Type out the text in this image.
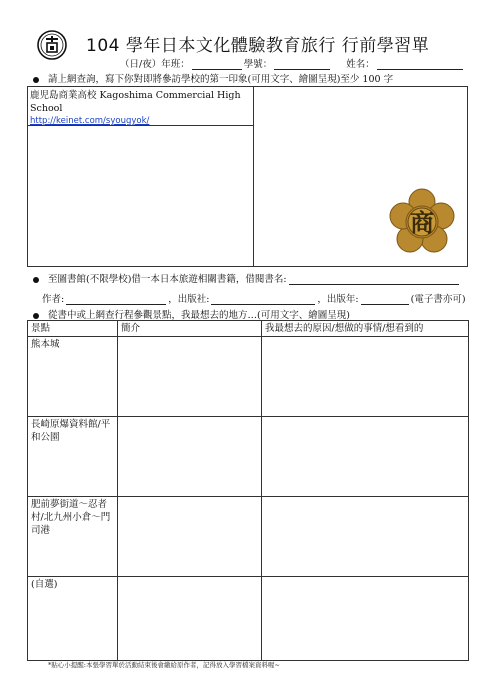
104 學年日本文化體驗教育旅行 行前學習單
（日/夜）年班：	學號：	姓名：
請上網查詢，寫下你對即將參訪學校的第一印象(可用文字、繪圖呈現)至少 100 字
鹿児島商業高校 Kagoshima Commercial High School
http://keinet.com/syougyok/
商
至圖書館(不限學校)借一本日本旅遊相關書籍，借閱書名:
作者:	，出版社:	，出版年:	(電子書亦可)
從書中或上網查行程參觀景點，我最想去的地方…(可用文字、繪圖呈現)
景點	簡介	我最想去的原因/想做的事情/想看到的
熊本城		
長崎原爆資料館/平和公園		
肥前夢街道～忍者村/北九州小倉～門司港		
(自選)		
*貼心小提醒:本張學習單於活動結束後會繳給原作者，記得放入學習檔案資料喔~
